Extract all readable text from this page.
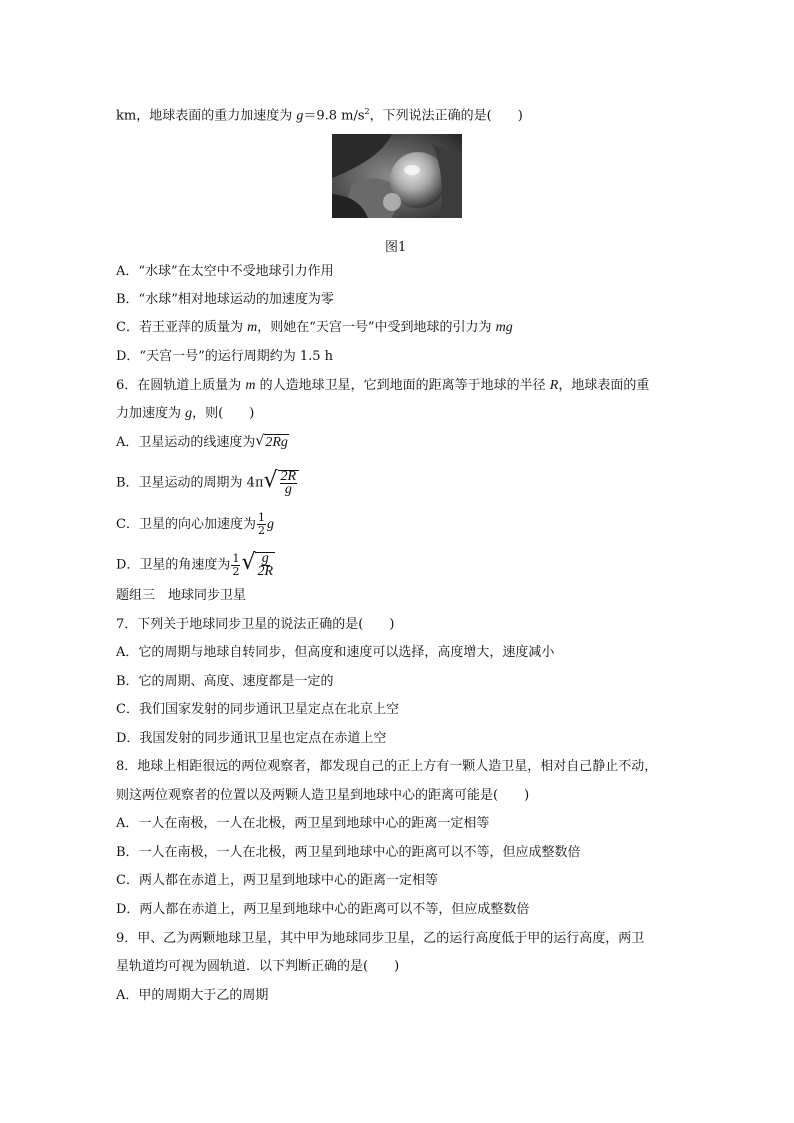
km，地球表面的重力加速度为 g＝9.8 $m/s^2$，下列说法正确的是(　　)
图1
A．“水球”在太空中不受地球引力作用
B．“水球”相对地球运动的加速度为零
C．若王亚萍的质量为 m，则她在“天宫一号”中受到地球的引力为 mg
D．“天宫一号”的运行周期约为 1.5 h
6．在圆轨道上质量为 m 的人造地球卫星，它到地面的距离等于地球的半径 R，地球表面的重
力加速度为 g，则(　　)
A．卫星运动的线速度为 √ 2Rg
B．卫星运动的周期为 4π √ $\frac{2R}{g}$
C．卫星的向心加速度为 $\frac{1}{2}$ g
D．卫星的角速度为 $\frac{1}{2}$ √ $\frac{g}{2R}$
题组三　地球同步卫星
7．下列关于地球同步卫星的说法正确的是(　　)
A．它的周期与地球自转同步，但高度和速度可以选择，高度增大，速度减小
B．它的周期、高度、速度都是一定的
C．我们国家发射的同步通讯卫星定点在北京上空
D．我国发射的同步通讯卫星也定点在赤道上空
8．地球上相距很远的两位观察者，都发现自己的正上方有一颗人造卫星，相对自己静止不动，
则这两位观察者的位置以及两颗人造卫星到地球中心的距离可能是(　　)
A．一人在南极，一人在北极，两卫星到地球中心的距离一定相等
B．一人在南极，一人在北极，两卫星到地球中心的距离可以不等，但应成整数倍
C．两人都在赤道上，两卫星到地球中心的距离一定相等
D．两人都在赤道上，两卫星到地球中心的距离可以不等，但应成整数倍
9．甲、乙为两颗地球卫星，其中甲为地球同步卫星，乙的运行高度低于甲的运行高度，两卫
星轨道均可视为圆轨道．以下判断正确的是(　　)
A．甲的周期大于乙的周期
